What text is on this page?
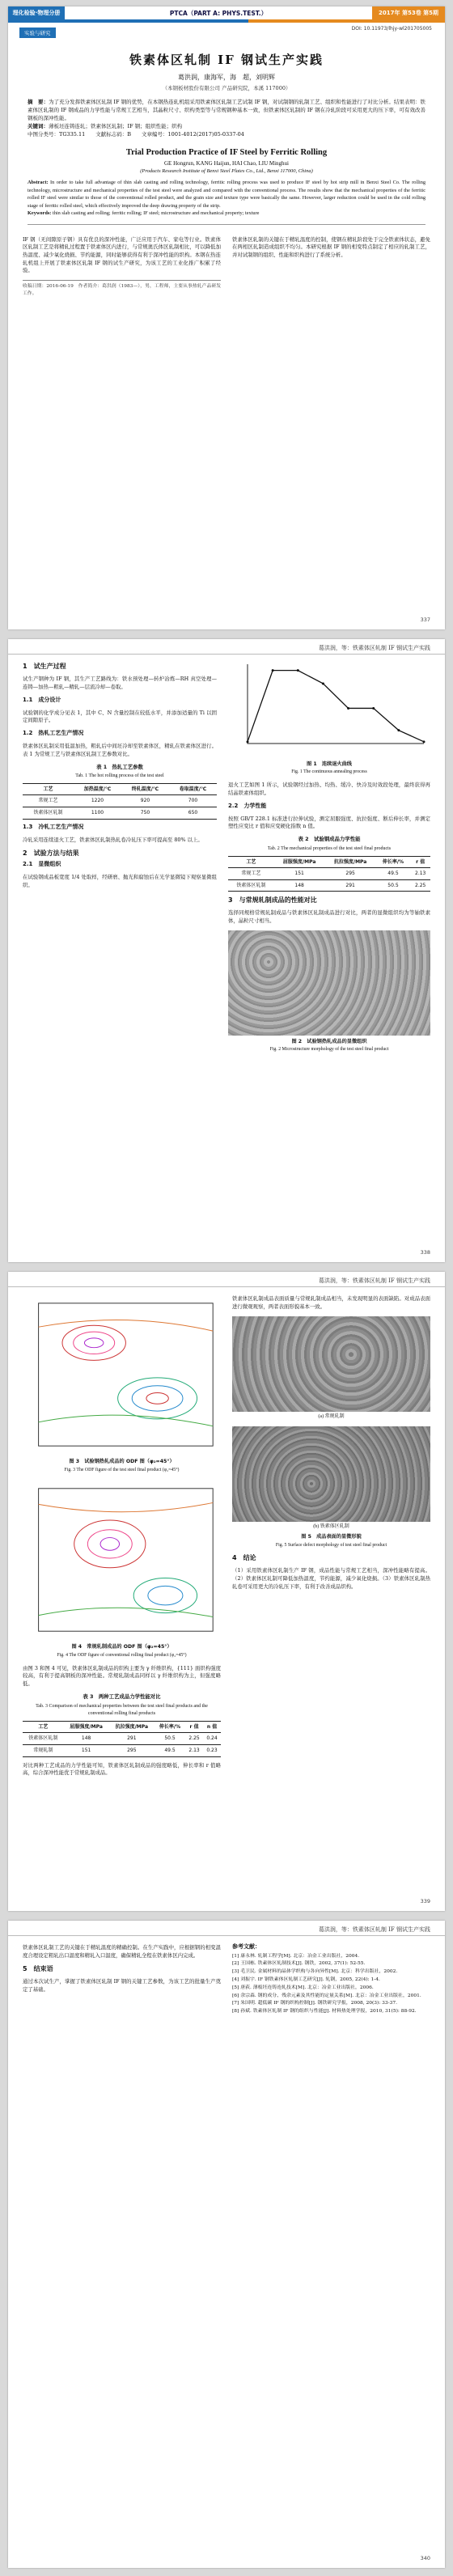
理化检验·物理分册	PTCA（PART A: PHYS.TEST.）	2017年 第53卷 第5期
实验与研究
DOI: 10.11973/lhjy-wl201705005
铁素体区轧制 IF 钢试生产实践
葛洪润，康海军，海　超，刘明辉
（本钢板材股份有限公司 产品研究院，本溪 117000）
摘　要：为了充分发挥铁素体区轧制 IF 钢的优势，在本钢热连轧机组采用铁素体区轧制工艺试制 IF 钢，对试制钢的轧制工艺、组织和性能进行了对比分析。结果表明：铁素体区轧制的 IF 钢成品的力学性能与常规工艺相当，其晶粒尺寸、织构类型等与常规钢种基本一致，但铁素体区轧制的 IF 钢在冷轧阶段可采用更大的压下率，可有效改善钢板的深冲性能。
关键词：薄板坯连铸连轧；铁素体区轧制；IF 钢；组织性能；织构
中图分类号：TG335.11　　文献标志码：B　　文章编号：1001-4012(2017)05-0337-04
Trial Production Practice of IF Steel by Ferritic Rolling
GE Hongrun, KANG Haijun, HAI Chao, LIU Minghui
(Products Research Institute of Benxi Steel Plates Co., Ltd., Benxi 117000, China)
Abstract: In order to take full advantage of thin slab casting and rolling technology, ferritic rolling process was used to produce IF steel by hot strip mill in Benxi Steel Co. The rolling technology, microstructure and mechanical properties of the test steel were analyzed and compared with the conventional process. The results show that the mechanical properties of the ferritic rolled IF steel were similar to those of the conventional rolled product, and the grain size and texture type were basically the same. However, larger reduction could be used in the cold rolling stage of ferritic rolled steel, which effectively improved the deep drawing property of the strip.
Keywords: thin slab casting and rolling; ferritic rolling; IF steel; microstructure and mechanical property; texture

IF 钢（无间隙原子钢）具有优良的深冲性能，广泛应用于汽车、家电等行业。铁素体区轧制工艺是将精轧过程置于铁素体区内进行，与常规奥氏体区轧制相比，可以降低加热温度、减少氧化烧损、节约能源，同时能够获得有利于深冲性能的织构。本钢在热连轧机组上开展了铁素体区轧制 IF 钢的试生产研究，为该工艺的工业化推广积累了经验。

收稿日期：2016-06-19　作者简介：葛洪润（1983—），男，工程师，主要从事热轧产品研发工作。

铁素体区轧制的关键在于精轧温度的控制，使钢在精轧阶段处于完全铁素体状态，避免在两相区轧制造成组织不均匀。本研究根据 IF 钢的相变特点制定了相应的轧制工艺，并对试制钢的组织、性能和织构进行了系统分析。

337
葛洪润，等：铁素体区轧制 IF 钢试生产实践
1　试生产过程

试生产钢种为 IF 钢，其生产工艺路线为：铁水预处理—转炉冶炼—RH 真空处理—连铸—加热—粗轧—精轧—层流冷却—卷取。

1.1　成分设计

试验钢的化学成分见表 1，其中 C、N 含量控制在较低水平，并添加适量的 Ti 以固定间隙原子。

1.2　热轧工艺生产情况

铁素体区轧制采用低温加热，粗轧后中间坯冷却至铁素体区，精轧在铁素体区进行。表 1 为常规工艺与铁素体区轧制工艺参数对比。

表 1　热轧工艺参数
Tab. 1 The hot rolling process of the test steel
工艺	加热温度/℃	终轧温度/℃	卷取温度/℃
常规工艺	1220	920	700
铁素体区轧制	1100	750	650
1.3　冷轧工艺生产情况

冷轧采用连续退火工艺，铁素体区轧制热轧卷冷轧压下率可提高至 80% 以上。

2　试验方法与结果
2.1　显微组织

在试验钢成品板宽度 1/4 处取样，经研磨、抛光和腐蚀后在光学显微镜下观察显微组织。

图 1　连续退火曲线
Fig. 1 The continuous annealing process

退火工艺如图 1 所示，试验钢经过加热、均热、缓冷、快冷及时效段处理，最终获得再结晶铁素体组织。

2.2　力学性能

按照 GB/T 228.1 标准进行拉伸试验，测定屈服强度、抗拉强度、断后伸长率，并测定塑性应变比 r 值和应变硬化指数 n 值。

表 2　试验钢成品力学性能
Tab. 2 The mechanical properties of the test steel final products
工艺	屈服强度/MPa	抗拉强度/MPa	伸长率/%	r 值
常规工艺	151	295	49.5	2.13
铁素体区轧制	148	291	50.5	2.25
3　与常规轧制成品的性能对比

选择同规格常规轧制成品与铁素体区轧制成品进行对比，两者的显微组织均为等轴铁素体，晶粒尺寸相当。

图 2　试验钢热轧成品的显微组织
Fig. 2 Microstructure morphology of the test steel final product
338
葛洪润，等：铁素体区轧制 IF 钢试生产实践
图 3　试验钢热轧成品的 ODF 图（φ₂=45°）
Fig. 3 The ODF figure of the test steel final product (φ₂=45°)
图 4　常规轧制成品的 ODF 图（φ₂=45°）
Fig. 4 The ODF figure of conventional rolling final product (φ₂=45°)

由图 3 和图 4 可见，铁素体区轧制成品的织构主要为 γ 纤维织构，{111} 面织构强度较高，有利于提高钢板的深冲性能。常规轧制成品同样以 γ 纤维织构为主，但强度略低。

表 3　两种工艺成品力学性能对比
Tab. 3 Comparison of mechanical properties between the test steel final products and the conventional rolling final products
工艺	屈服强度/MPa	抗拉强度/MPa	伸长率/%	r 值	n 值
铁素体区轧制	148	291	50.5	2.25	0.24
常规轧制	151	295	49.5	2.13	0.23

对比两种工艺成品的力学性能可知，铁素体区轧制成品的强度略低，伸长率和 r 值略高，综合深冲性能优于常规轧制成品。

铁素体区轧制成品表面质量与常规轧制成品相当，未发现明显的表面缺陷。对成品表面进行微观观察，两者表面形貌基本一致。

(a) 常规轧制
(b) 铁素体区轧制
图 5　成品表面的显微形貌
Fig. 5 Surface defect morphology of test steel final product
4　结论

（1）采用铁素体区轧制生产 IF 钢，成品性能与常规工艺相当，深冲性能略有提高。（2）铁素体区轧制可降低加热温度，节约能源，减少氧化烧损。（3）铁素体区轧制热轧卷可采用更大的冷轧压下率，有利于改善成品织构。

339
葛洪润，等：铁素体区轧制 IF 钢试生产实践

铁素体区轧制工艺的关键在于精轧温度的精确控制。在生产实践中，应根据钢的相变温度合理设定粗轧出口温度和精轧入口温度，确保精轧全程在铁素体区内完成。

5　结束语

通过本次试生产，掌握了铁素体区轧制 IF 钢的关键工艺参数，为该工艺的批量生产奠定了基础。

参考文献：
[1] 康永林. 轧制工程学[M]. 北京：冶金工业出版社，2004.
[2] 王国栋. 铁素体区轧制技术[J]. 钢铁，2002, 37(1): 52-55.
[3] 毛卫民. 金属材料的晶体学织构与各向异性[M]. 北京：科学出版社，2002.
[4] 刘振宇. IF 钢铁素体区轧制工艺研究[J]. 轧钢，2005, 22(4): 1-4.
[5] 唐荻. 薄板坯连铸连轧技术[M]. 北京：冶金工业出版社，2006.
[6] 余宗森. 钢的成分、残余元素及其性能的定量关系[M]. 北京：冶金工业出版社，2001.
[7] 朱国明. 超低碳 IF 钢的织构控制[J]. 钢铁研究学报，2008, 20(3): 33-37.
[8] 孙斌. 铁素体区轧制 IF 钢的组织与性能[J]. 材料热处理学报，2010, 31(5): 88-92.
340
